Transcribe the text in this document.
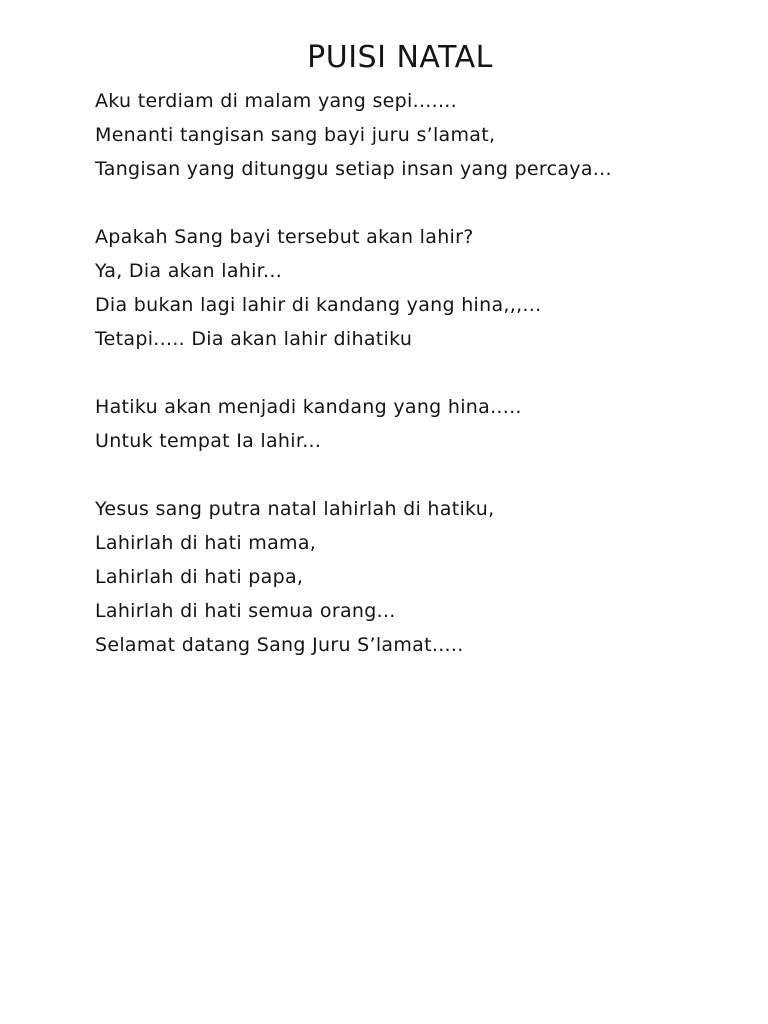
PUISI NATAL

Aku terdiam di malam yang sepi.......

Menanti tangisan sang bayi juru s’lamat,

Tangisan yang ditunggu setiap insan yang percaya...

Apakah Sang bayi tersebut akan lahir?

Ya, Dia akan lahir...

Dia bukan lagi lahir di kandang yang hina,,,...

Tetapi..... Dia akan lahir dihatiku

Hatiku akan menjadi kandang yang hina.....

Untuk tempat Ia lahir...

Yesus sang putra natal lahirlah di hatiku,

Lahirlah di hati mama,

Lahirlah di hati papa,

Lahirlah di hati semua orang...

Selamat datang Sang Juru S’lamat.....
